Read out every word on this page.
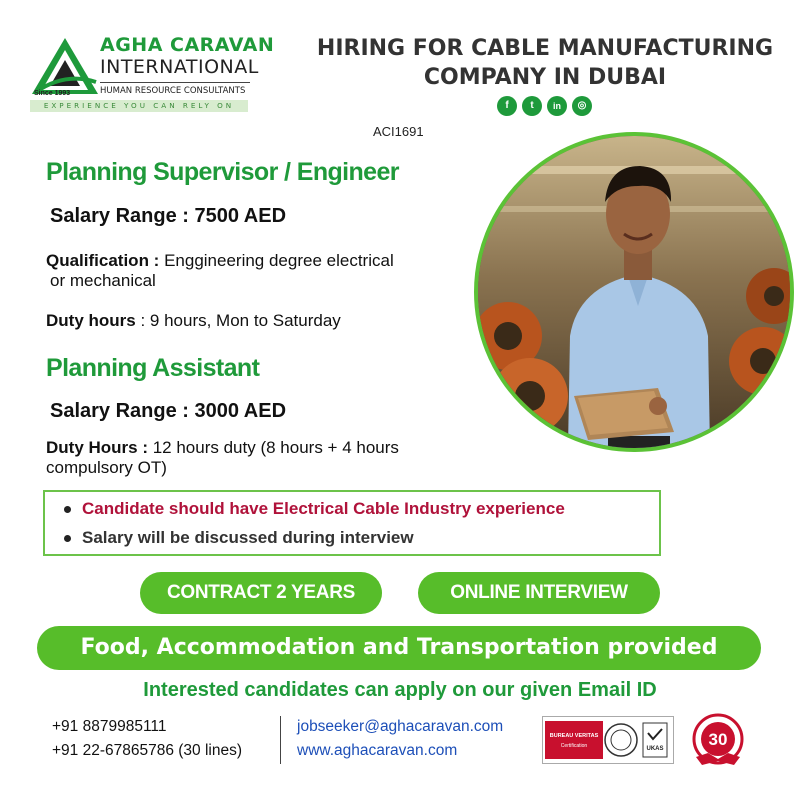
AGHA CARAVAN
INTERNATIONAL
HUMAN RESOURCE CONSULTANTS
Since 1993
EXPERIENCE YOU CAN RELY ON
HIRING FOR CABLE MANUFACTURING
COMPANY IN DUBAI
f	t	in	◎
ACI1691
Planning Supervisor / Engineer
Salary Range : 7500 AED
Qualification : Enggineering degree electrical
or mechanical
Duty hours : 9 hours, Mon to Saturday
Planning Assistant
Salary Range : 3000 AED
Duty Hours : 12 hours duty (8 hours + 4 hours
compulsory OT)
Candidate should have Electrical Cable Industry experience
Salary will be discussed during interview
CONTRACT 2 YEARS	ONLINE INTERVIEW
Food, Accommodation and Transportation provided
Interested candidates can apply on our given Email ID
+91 8879985111
+91 22-67865786 (30 lines)
jobseeker@aghacaravan.com
www.aghacaravan.com
BUREAU VERITAS
Certification	UKAS	30
